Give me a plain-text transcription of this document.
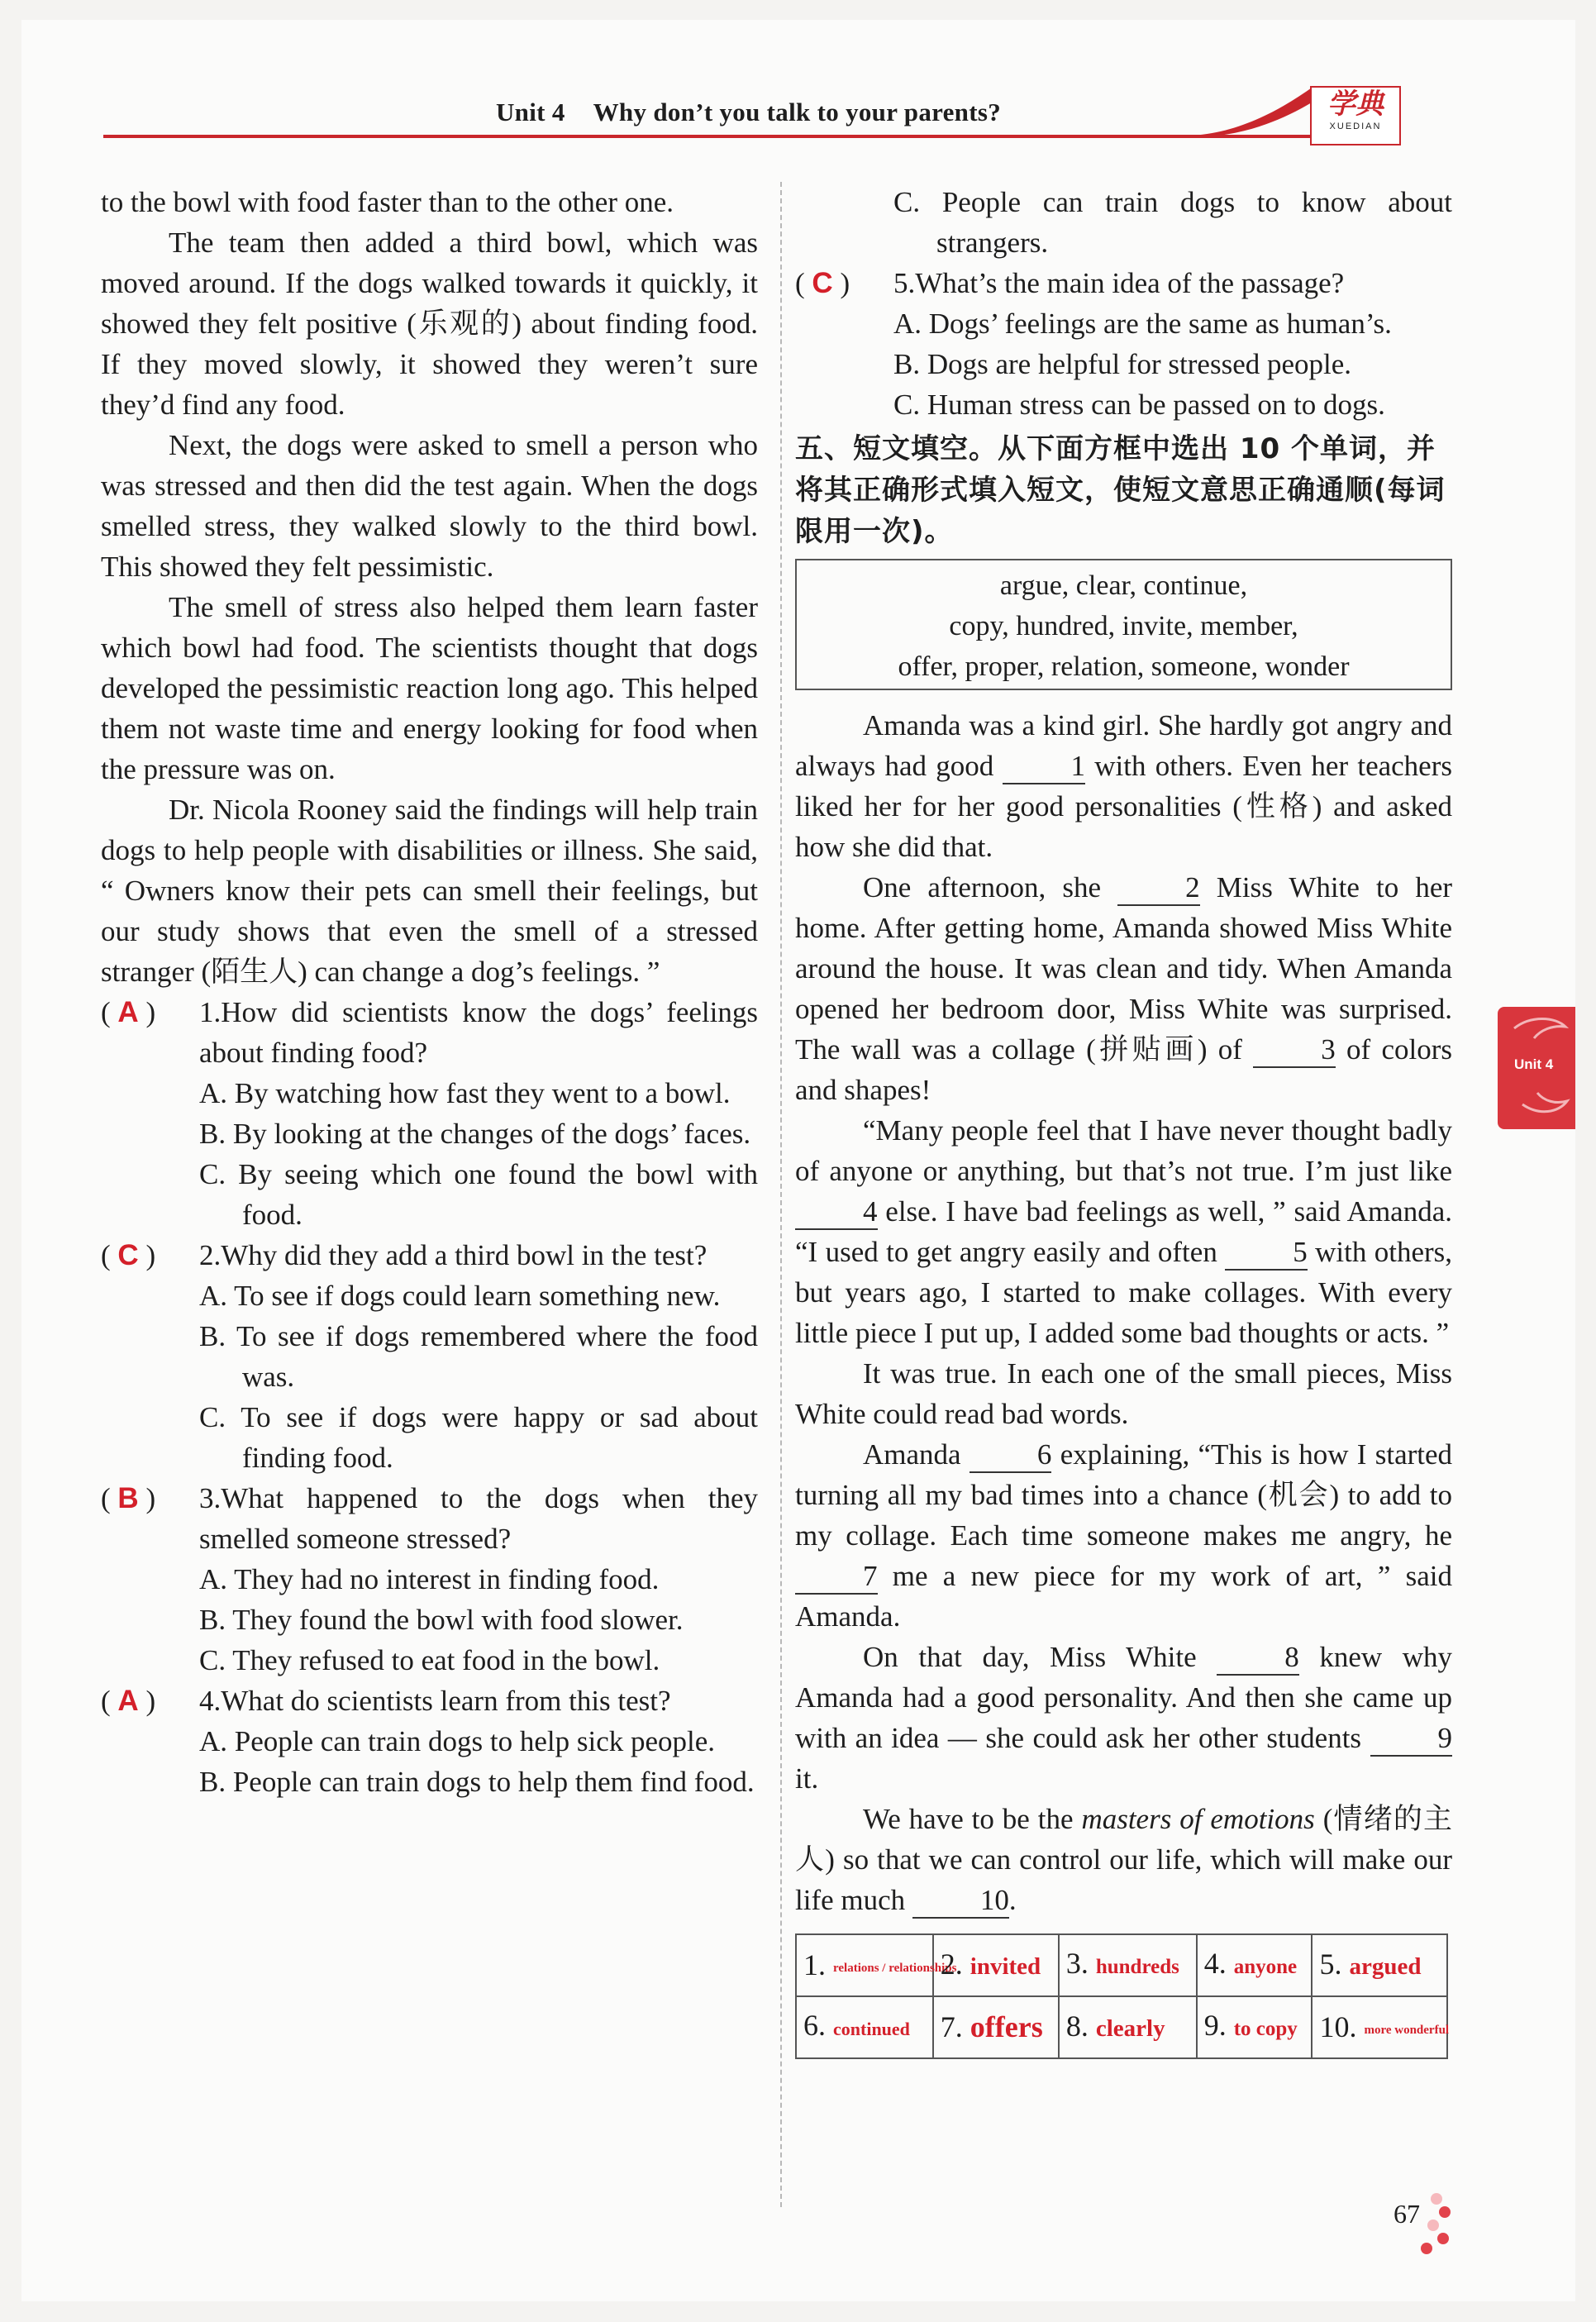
Unit 4 Why don’t you talk to your parents?	学典
XUEDIAN

to the bowl with food faster than to the other one.

The team then added a third bowl, which was moved around. If the dogs walked towards it quickly, it showed they felt positive (乐观的) about finding food. If they moved slowly, it showed they weren’t sure they’d find any food.

Next, the dogs were asked to smell a person who was stressed and then did the test again. When the dogs smelled stress, they walked slowly to the third bowl. This showed they felt pessimistic.

The smell of stress also helped them learn faster which bowl had food. The scientists thought that dogs developed the pessimistic reaction long ago. This helped them not waste time and energy looking for food when the pressure was on.

Dr. Nicola Rooney said the findings will help train dogs to help people with disabilities or illness. She said, “ Owners know their pets can smell their feelings, but our study shows that even the smell of a stressed stranger (陌生人) can change a dog’s feelings. ”

( A ) 1.How did scientists know the dogs’ feelings about finding food?

A. By watching how fast they went to a bowl.
B. By looking at the changes of the dogs’ faces.
C. By seeing which one found the bowl with food.
( C ) 2.Why did they add a third bowl in the test?

A. To see if dogs could learn something new.
B. To see if dogs remembered where the food was.
C. To see if dogs were happy or sad about finding food.
( B ) 3.What happened to the dogs when they smelled someone stressed?

A. They had no interest in finding food.
B. They found the bowl with food slower.
C. They refused to eat food in the bowl.
( A ) 4.What do scientists learn from this test?

A. People can train dogs to help sick people.
B. People can train dogs to help them find food.
C. People can train dogs to know about strangers.
( C ) 5.What’s the main idea of the passage?

A. Dogs’ feelings are the same as human’s.
B. Dogs are helpful for stressed people.
C. Human stress can be passed on to dogs.
五、短文填空。从下面方框中选出 10 个单词，并将其正确形式填入短文，使短文意思正确通顺(每词限用一次)。
argue, clear, continue,
copy, hundred, invite, member,
offer, proper, relation, someone, wonder

Amanda was a kind girl. She hardly got angry and always had good	1 with others. Even her teachers liked her for her good personalities (性格) and asked how she did that.

One afternoon, she	2 Miss White to her home. After getting home, Amanda showed Miss White around the house. It was clean and tidy. When Amanda opened her bedroom door, Miss White was surprised. The wall was a collage (拼贴画) of	3 of colors and shapes!

“Many people feel that I have never thought badly of anyone or anything, but that’s not true. I’m just like 4 else. I have bad feelings as well, ” said Amanda. “I used to get angry easily and often	5 with others, but years ago, I started to make collages. With every little piece I put up, I added some bad thoughts or acts. ”

It was true. In each one of the small pieces, Miss White could read bad words.

Amanda	6 explaining, “This is how I started turning all my bad times into a chance (机会) to add to my collage. Each time someone makes me angry, he 7 me a new piece for my work of art, ” said Amanda.

On that day, Miss White	8 knew why Amanda had a good personality. And then she came up with an idea — she could ask her other students	9 it.

We have to be the masters of emotions (情绪的主人) so that we can control our life, which will make our life much	10.

1. relations / relationships	2. invited	3. hundreds	4. anyone	5. argued
6. continued	7. offers	8. clearly	9. to copy	10. more wonderful
Unit 4
67
